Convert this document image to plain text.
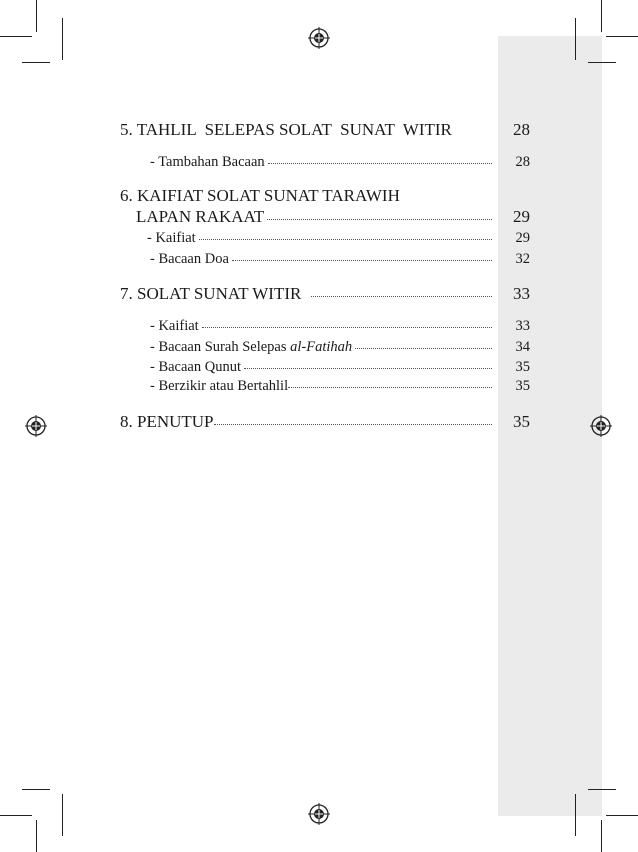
5. TAHLIL  SELEPAS SOLAT  SUNAT  WITIR	28
- Tambahan Bacaan	28
6. KAIFIAT SOLAT SUNAT TARAWIH
LAPAN RAKAAT	29
- Kaifiat	29
- Bacaan Doa	32
7. SOLAT SUNAT WITIR	33
- Kaifiat	33
- Bacaan Surah Selepas al-Fatihah	34
- Bacaan Qunut	35
- Berzikir atau Bertahlil	35
8. PENUTUP	35
